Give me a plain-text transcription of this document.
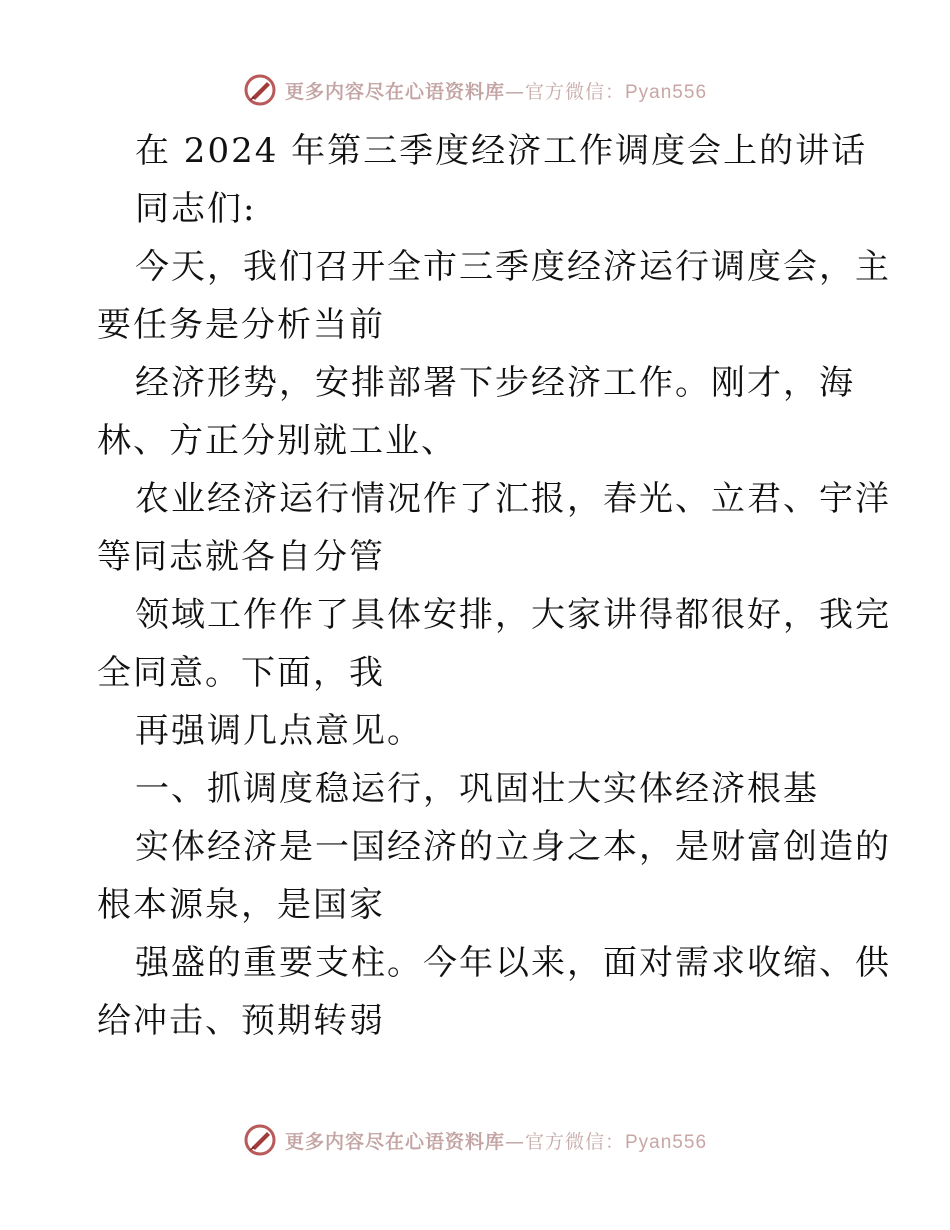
更多内容尽在心语资料库—官方微信：Pyan556
在 2024 年第三季度经济工作调度会上的讲话
同志们:
今天，我们召开全市三季度经济运行调度会，主
要任务是分析当前
经济形势，安排部署下步经济工作。刚才，海
林、方正分别就工业、
农业经济运行情况作了汇报，春光、立君、宇洋
等同志就各自分管
领域工作作了具体安排，大家讲得都很好，我完
全同意。下面，我
再强调几点意见。
一、抓调度稳运行，巩固壮大实体经济根基
实体经济是一国经济的立身之本，是财富创造的
根本源泉，是国家
强盛的重要支柱。今年以来，面对需求收缩、供
给冲击、预期转弱
更多内容尽在心语资料库—官方微信：Pyan556
